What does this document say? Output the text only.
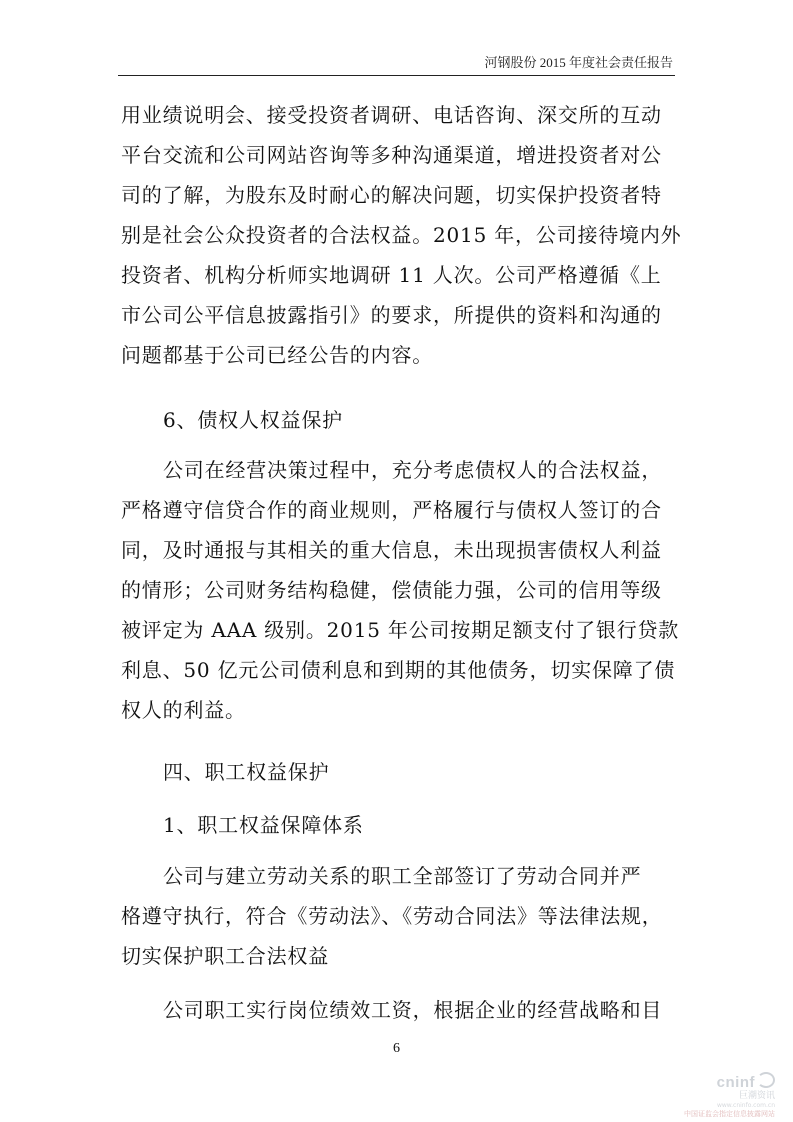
河钢股份 2015 年度社会责任报告
用业绩说明会、接受投资者调研、电话咨询、深交所的互动
平台交流和公司网站咨询等多种沟通渠道，增进投资者对公
司的了解，为股东及时耐心的解决问题，切实保护投资者特
别是社会公众投资者的合法权益。2015 年，公司接待境内外
投资者、机构分析师实地调研 11 人次。公司严格遵循《上
市公司公平信息披露指引》的要求，所提供的资料和沟通的
问题都基于公司已经公告的内容。
6、债权人权益保护
公司在经营决策过程中，充分考虑债权人的合法权益，
严格遵守信贷合作的商业规则，严格履行与债权人签订的合
同，及时通报与其相关的重大信息，未出现损害债权人利益
的情形；公司财务结构稳健，偿债能力强，公司的信用等级
被评定为 AAA 级别。2015 年公司按期足额支付了银行贷款
利息、50 亿元公司债利息和到期的其他债务，切实保障了债
权人的利益。
四、职工权益保护
1、职工权益保障体系
公司与建立劳动关系的职工全部签订了劳动合同并严
格遵守执行，符合《劳动法》、《劳动合同法》等法律法规，
切实保护职工合法权益
公司职工实行岗位绩效工资，根据企业的经营战略和目
6
cninf
巨潮资讯
www.cninfo.com.cn
中国证监会指定信息披露网站
